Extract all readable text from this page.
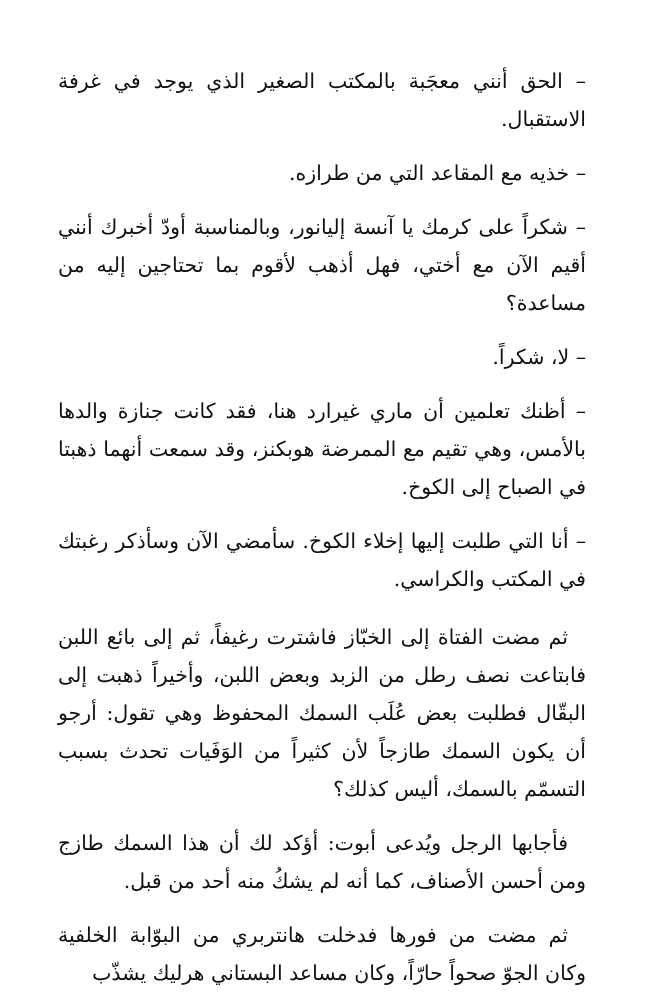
– الحق أنني معجَبة بالمكتب الصغير الذي يوجد في غرفة الاستقبال.

– خذيه مع المقاعد التي من طرازه.

– شكراً على كرمك يا آنسة إليانور، وبالمناسبة أودّ أخبرك أنني أقيم الآن مع أختي، فهل أذهب لأقوم بما تحتاجين إليه من مساعدة؟

– لا، شكراً.

– أظنك تعلمين أن ماري غيرارد هنا، فقد كانت جنازة والدها بالأمس، وهي تقيم مع الممرضة هوبكنز، وقد سمعت أنهما ذهبتا في الصباح إلى الكوخ.

– أنا التي طلبت إليها إخلاء الكوخ. سأمضي الآن وسأذكر رغبتك في المكتب والكراسي.

ثم مضت الفتاة إلى الخبّاز فاشترت رغيفاً، ثم إلى بائع اللبن فابتاعت نصف رطل من الزبد وبعض اللبن، وأخيراً ذهبت إلى البقّال فطلبت بعض عُلَب السمك المحفوظ وهي تقول: أرجو أن يكون السمك طازجاً لأن كثيراً من الوَفَيات تحدث بسبب التسمّم بالسمك، أليس كذلك؟

فأجابها الرجل ويُدعى أبوت: أؤكد لك أن هذا السمك طازج ومن أحسن الأصناف، كما أنه لم يشكُ منه أحد من قبل.

ثم مضت من فورها فدخلت هانتربري من البوّابة الخلفية وكان الجوّ صحواً حارّاً، وكان مساعد البستاني هرليك يشذّب
